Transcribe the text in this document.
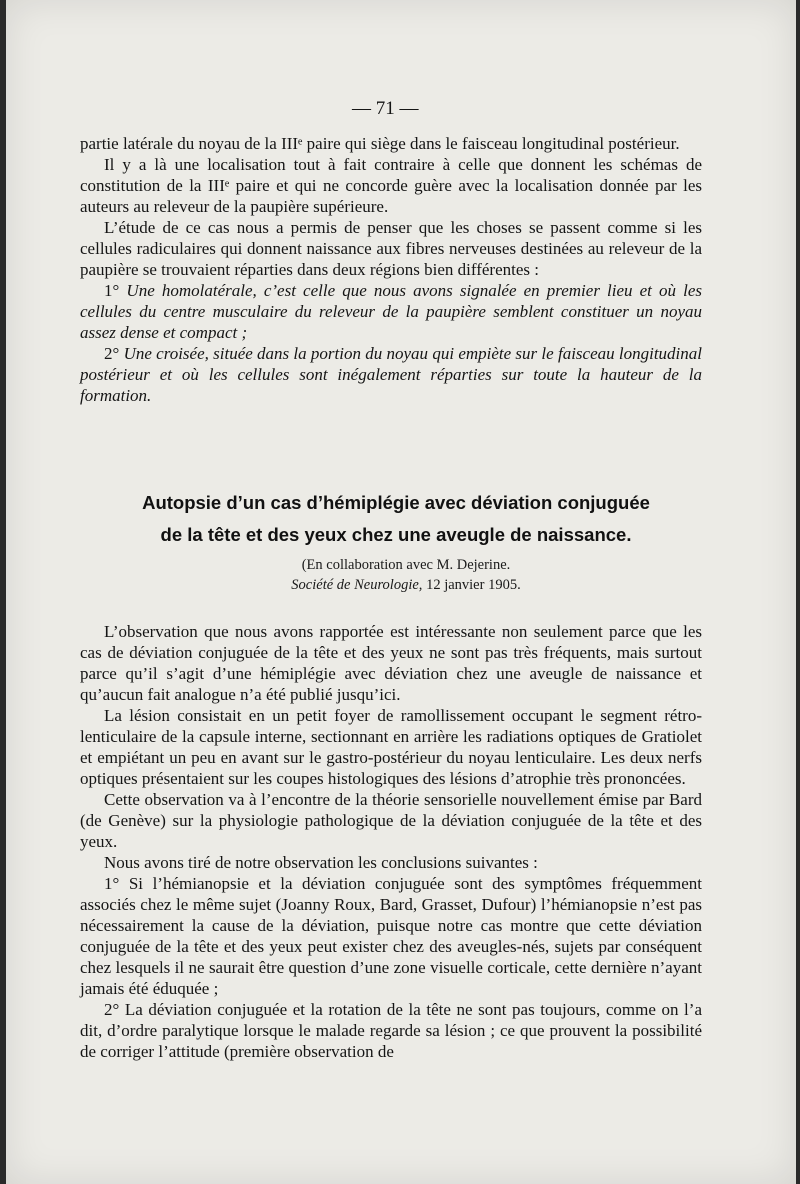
— 71 —

partie latérale du noyau de la IIIᵉ paire qui siège dans le faisceau longitudinal postérieur.

Il y a là une localisation tout à fait contraire à celle que donnent les schémas de constitution de la IIIᵉ paire et qui ne concorde guère avec la localisation donnée par les auteurs au releveur de la paupière supérieure.

L’étude de ce cas nous a permis de penser que les choses se passent comme si les cellules radiculaires qui donnent naissance aux fibres nerveuses destinées au releveur de la paupière se trouvaient réparties dans deux régions bien différentes :

1° Une homolatérale, c’est celle que nous avons signalée en premier lieu et où les cellules du centre musculaire du releveur de la paupière semblent constituer un noyau assez dense et compact ;

2° Une croisée, située dans la portion du noyau qui empiète sur le faisceau longitudinal postérieur et où les cellules sont inégalement réparties sur toute la hauteur de la formation.

Autopsie d’un cas d’hémiplégie avec déviation conjuguée
de la tête et des yeux chez une aveugle de naissance.
(En collaboration avec M. Dejerine.
Société de Neurologie, 12 janvier 1905.

L’observation que nous avons rapportée est intéressante non seulement parce que les cas de déviation conjuguée de la tête et des yeux ne sont pas très fréquents, mais surtout parce qu’il s’agit d’une hémiplégie avec déviation chez une aveugle de naissance et qu’aucun fait analogue n’a été publié jusqu’ici.

La lésion consistait en un petit foyer de ramollissement occupant le segment rétro-lenticulaire de la capsule interne, sectionnant en arrière les radiations optiques de Gratiolet et empiétant un peu en avant sur le gastro-postérieur du noyau lenticulaire. Les deux nerfs optiques présentaient sur les coupes histologiques des lésions d’atrophie très prononcées.

Cette observation va à l’encontre de la théorie sensorielle nouvellement émise par Bard (de Genève) sur la physiologie pathologique de la déviation conjuguée de la tête et des yeux.

Nous avons tiré de notre observation les conclusions suivantes :

1° Si l’hémianopsie et la déviation conjuguée sont des symptômes fréquemment associés chez le même sujet (Joanny Roux, Bard, Grasset, Dufour) l’hémianopsie n’est pas nécessairement la cause de la déviation, puisque notre cas montre que cette déviation conjuguée de la tête et des yeux peut exister chez des aveugles-nés, sujets par conséquent chez lesquels il ne saurait être question d’une zone visuelle corticale, cette dernière n’ayant jamais été éduquée ;

2° La déviation conjuguée et la rotation de la tête ne sont pas toujours, comme on l’a dit, d’ordre paralytique lorsque le malade regarde sa lésion ; ce que prouvent la possibilité de corriger l’attitude (première observation de
